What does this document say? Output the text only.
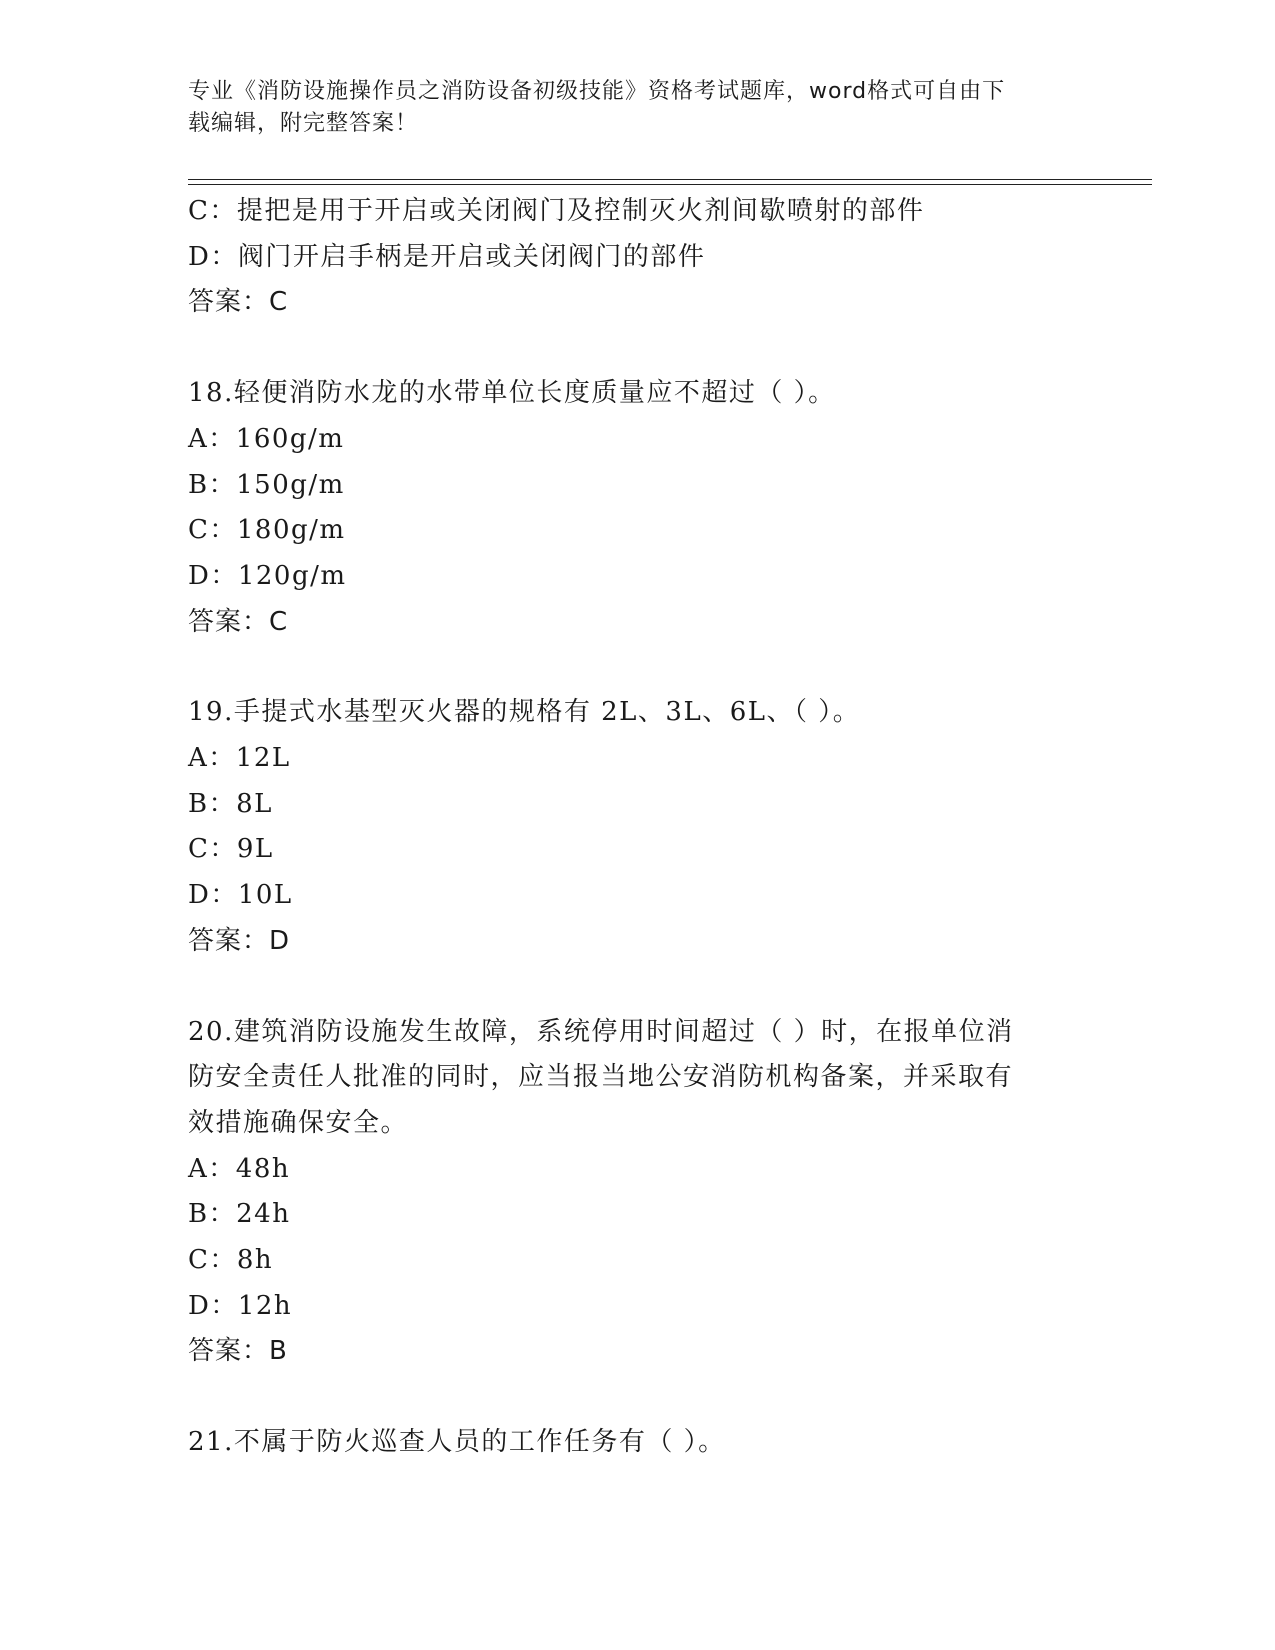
专业《消防设施操作员之消防设备初级技能》资格考试题库，word格式可自由下
载编辑，附完整答案！
C：提把是用于开启或关闭阀门及控制灭火剂间歇喷射的部件
D：阀门开启手柄是开启或关闭阀门的部件
答案：C
18.轻便消防水龙的水带单位长度质量应不超过（ ）。
A：160g/m
B：150g/m
C：180g/m
D：120g/m
答案：C
19.手提式水基型灭火器的规格有 2L、3L、6L、（ ）。
A：12L
B：8L
C：9L
D：10L
答案：D
20.建筑消防设施发生故障，系统停用时间超过（ ）时，在报单位消
防安全责任人批准的同时，应当报当地公安消防机构备案，并采取有
效措施确保安全。
A：48h
B：24h
C：8h
D：12h
答案：B
21.不属于防火巡查人员的工作任务有（ ）。
